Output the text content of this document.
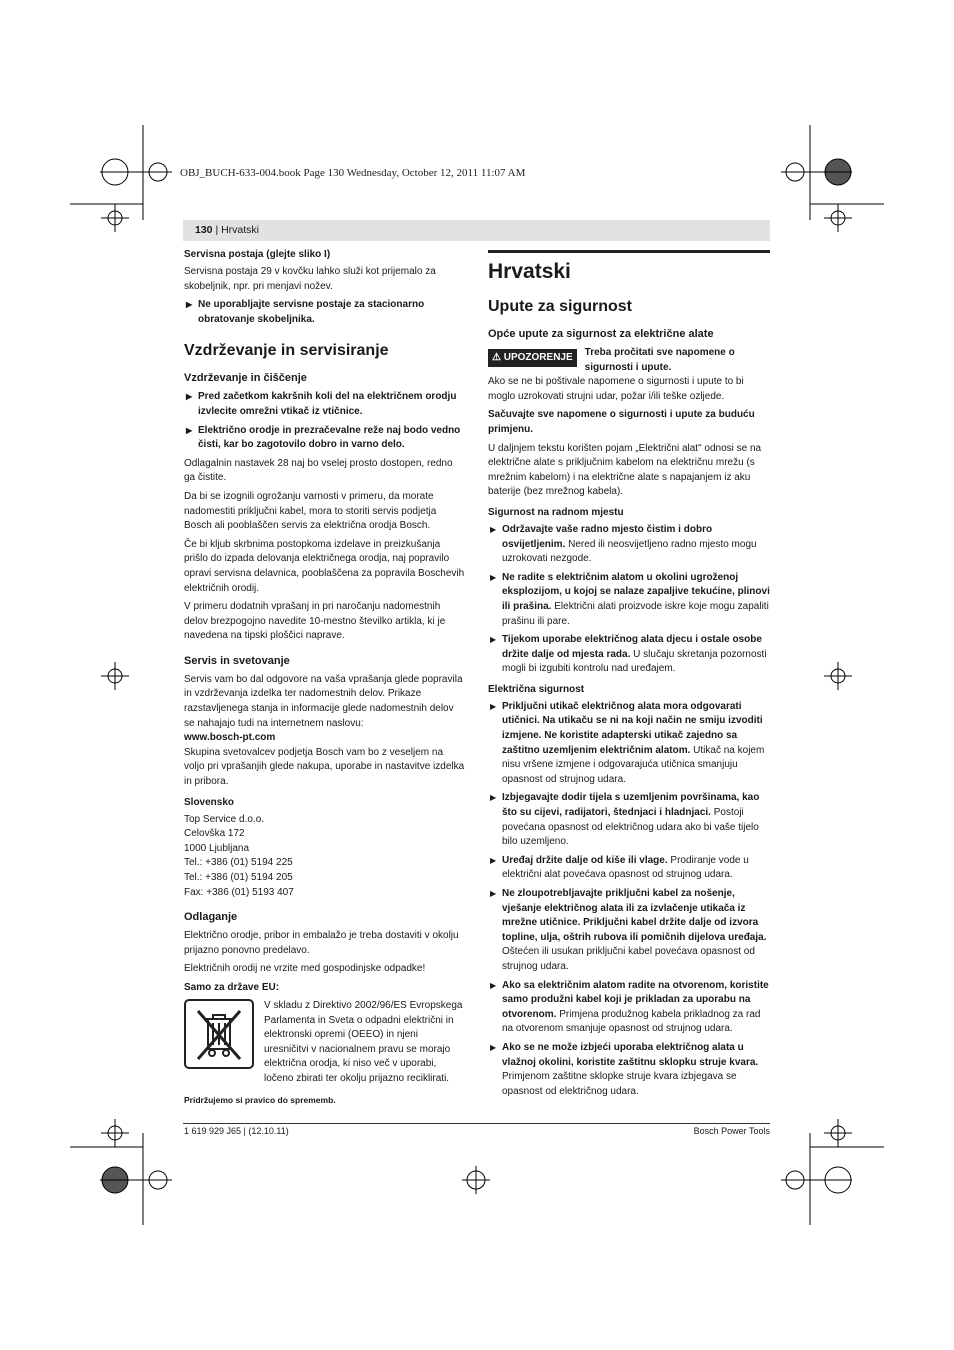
OBJ_BUCH-633-004.book Page 130 Wednesday, October 12, 2011 11:07 AM
130 | Hrvatski
Servisna postaja (glejte sliko I)

Servisna postaja 29 v kovčku lahko služi kot prijemalo za skobeljnik, npr. pri menjavi nožev.

▶ Ne uporabljajte servisne postaje za stacionarno obratovanje skobeljnika.
Vzdrževanje in servisiranje
Vzdrževanje in čiščenje
▶ Pred začetkom kakršnih koli del na električnem orodju izvlecite omrežni vtikač iz vtičnice.
▶ Električno orodje in prezračevalne reže naj bodo vedno čisti, kar bo zagotovilo dobro in varno delo.

Odlagalnin nastavek 28 naj bo vselej prosto dostopen, redno ga čistite.

Da bi se izognili ogrožanju varnosti v primeru, da morate nadomestiti priključni kabel, mora to storiti servis podjetja Bosch ali pooblaščen servis za električna orodja Bosch.

Če bi kljub skrbnima postopkoma izdelave in preizkušanja prišlo do izpada delovanja električnega orodja, naj popravilo opravi servisna delavnica, pooblaščena za popravila Boschevih električnih orodij.

V primeru dodatnih vprašanj in pri naročanju nadomestnih delov brezpogojno navedite 10-mestno številko artikla, ki je navedena na tipski ploščici naprave.

Servis in svetovanje

Servis vam bo dal odgovore na vaša vprašanja glede popravila in vzdrževanja izdelka ter nadomestnih delov. Prikaze razstavljenega stanja in informacije glede nadomestnih delov se nahajajo tudi na internetnem naslovu:

www.bosch-pt.com

Skupina svetovalcev podjetja Bosch vam bo z veseljem na voljo pri vprašanjih glede nakupa, uporabe in nastavitve izdelka in pribora.

Slovensko
Top Service d.o.o.
Celovška 172
1000 Ljubljana
Tel.: +386 (01) 5194 225
Tel.: +386 (01) 5194 205
Fax: +386 (01) 5193 407
Odlaganje

Električno orodje, pribor in embalažo je treba dostaviti v okolju prijazno ponovno predelavo.

Električnih orodij ne vrzite med gospodinjske odpadke!

Samo za države EU:
V skladu z Direktivo 2002/96/ES Evropskega Parlamenta in Sveta o odpadni električni in elektronski opremi (OEEO) in njeni uresničitvi v nacionalnem pravu se morajo električna orodja, ki niso več v uporabi, ločeno zbirati ter okolju prijazno reciklirati.
Pridržujemo si pravico do sprememb.
Hrvatski
Upute za sigurnost
Opće upute za sigurnost za električne alate
⚠ UPOZORENJE	Treba pročitati sve napomene o sigurnosti i upute.

Ako se ne bi poštivale napomene o sigurnosti i upute to bi moglo uzrokovati strujni udar, požar i/ili teške ozljede.

Sačuvajte sve napomene o sigurnosti i upute za buduću primjenu.

U daljnjem tekstu korišten pojam „Električni alat" odnosi se na električne alate s priključnim kabelom na električnu mrežu (s mrežnim kabelom) i na električne alate s napajanjem iz aku baterije (bez mrežnog kabela).

Sigurnost na radnom mjestu
▶ Održavajte vaše radno mjesto čistim i dobro osvijetljenim. Nered ili neosvijetljeno radno mjesto mogu uzrokovati nezgode.
▶ Ne radite s električnim alatom u okolini ugroženoj eksplozijom, u kojoj se nalaze zapaljive tekućine, plinovi ili prašina. Električni alati proizvode iskre koje mogu zapaliti prašinu ili pare.
▶ Tijekom uporabe električnog alata djecu i ostale osobe držite dalje od mjesta rada. U slučaju skretanja pozornosti mogli bi izgubiti kontrolu nad uređajem.
Električna sigurnost
▶ Priključni utikač električnog alata mora odgovarati utičnici. Na utikaču se ni na koji način ne smiju izvoditi izmjene. Ne koristite adapterski utikač zajedno sa zaštitno uzemljenim električnim alatom. Utikač na kojem nisu vršene izmjene i odgovarajuća utičnica smanjuju opasnost od strujnog udara.
▶ Izbjegavajte dodir tijela s uzemljenim površinama, kao što su cijevi, radijatori, štednjaci i hladnjaci. Postoji povećana opasnost od električnog udara ako bi vaše tijelo bilo uzemljeno.
▶ Uređaj držite dalje od kiše ili vlage. Prodiranje vode u električni alat povećava opasnost od strujnog udara.
▶ Ne zloupotrebljavajte priključni kabel za nošenje, vješanje električnog alata ili za izvlačenje utikača iz mrežne utičnice. Priključni kabel držite dalje od izvora topline, ulja, oštrih rubova ili pomičnih dijelova uređaja. Oštećen ili usukan priključni kabel povećava opasnost od strujnog udara.
▶ Ako sa električnim alatom radite na otvorenom, koristite samo produžni kabel koji je prikladan za uporabu na otvorenom. Primjena produžnog kabela prikladnog za rad na otvorenom smanjuje opasnost od strujnog udara.
▶ Ako se ne može izbjeći uporaba električnog alata u vlažnoj okolini, koristite zaštitnu sklopku struje kvara. Primjenom zaštitne sklopke struje kvara izbjegava se opasnost od električnog udara.
1 619 929 J65 | (12.10.11)	Bosch Power Tools
